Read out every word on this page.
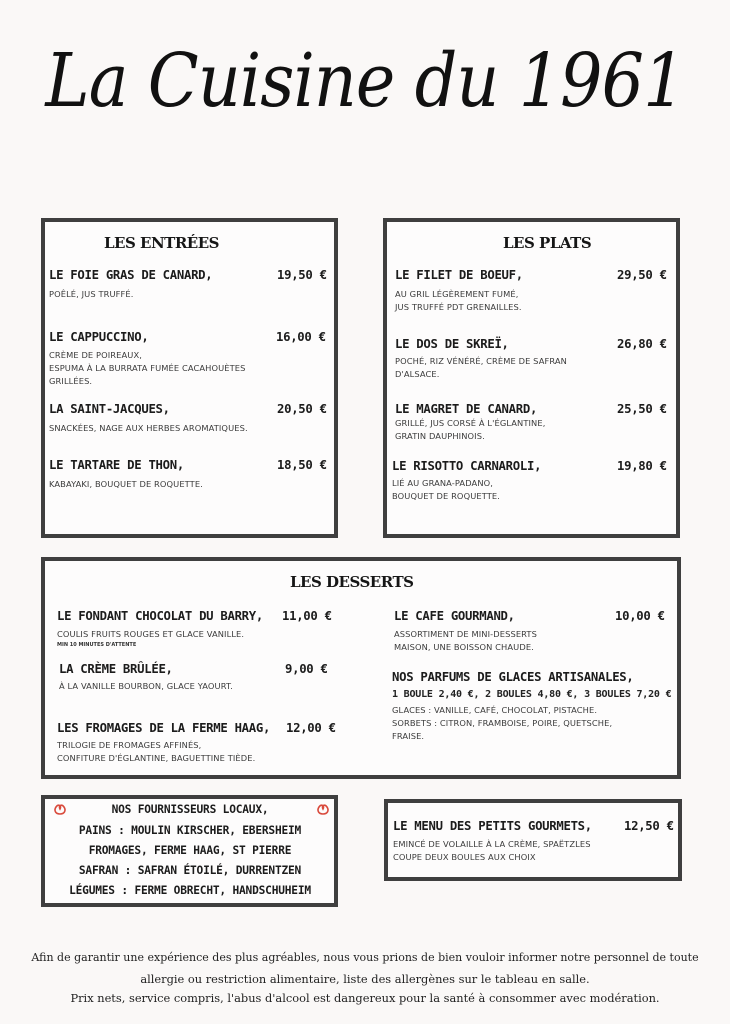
La Cuisine du 1961
LES ENTRÉES
LE FOIE GRAS DE CANARD,	19,50 €
POÊLÉ, JUS TRUFFÉ.
LE CAPPUCCINO,	16,00 €
CRÈME DE POIREAUX,
ESPUMA À LA BURRATA FUMÉE CACAHOUÈTES
GRILLÉES.
LA SAINT-JACQUES,	20,50 €
SNACKÉES, NAGE AUX HERBES AROMATIQUES.
LE TARTARE DE THON,	18,50 €
KABAYAKI, BOUQUET DE ROQUETTE.
LES PLATS
LE FILET DE BOEUF,	29,50 €
AU GRIL LÉGÈREMENT FUMÉ,
JUS TRUFFÉ PDT GRENAILLES.
LE DOS DE SKREÏ,	26,80 €
POCHÉ, RIZ VÉNÉRÉ, CRÈME DE SAFRAN
D'ALSACE.
LE MAGRET DE CANARD,	25,50 €
GRILLÉ, JUS CORSÉ À L'ÉGLANTINE,
GRATIN DAUPHINOIS.
LE RISOTTO CARNAROLI,	19,80 €
LIÉ AU GRANA-PADANO,
BOUQUET DE ROQUETTE.
LES DESSERTS
LE FONDANT CHOCOLAT DU BARRY, 11,00 €
COULIS FRUITS ROUGES ET GLACE VANILLE.
MIN 10 MINUTES D'ATTENTE
LA CRÈME BRÛLÉE,	9,00 €
À LA VANILLE BOURBON, GLACE YAOURT.
LES FROMAGES DE LA FERME HAAG, 12,00 €
TRILOGIE DE FROMAGES AFFINÉS,
CONFITURE D'ÉGLANTINE, BAGUETTINE TIÈDE.
LE CAFE GOURMAND,	10,00 €
ASSORTIMENT DE MINI-DESSERTS
MAISON, UNE BOISSON CHAUDE.
NOS PARFUMS DE GLACES ARTISANALES,
1 BOULE 2,40 €, 2 BOULES 4,80 €, 3 BOULES 7,20 €
GLACES : VANILLE, CAFÉ, CHOCOLAT, PISTACHE.
SORBETS : CITRON, FRAMBOISE, POIRE, QUETSCHE,
FRAISE.
NOS FOURNISSEURS LOCAUX,
PAINS : MOULIN KIRSCHER, EBERSHEIM
FROMAGES, FERME HAAG, ST PIERRE
SAFRAN : SAFRAN ÉTOILÉ, DURRENTZEN
LÉGUMES : FERME OBRECHT, HANDSCHUHEIM
LE MENU DES PETITS GOURMETS,	12,50 €
EMINCÉ DE VOLAILLE À LA CRÈME, SPAËTZLES
COUPE DEUX BOULES AUX CHOIX
Afin de garantir une expérience des plus agréables, nous vous prions de bien vouloir informer notre personnel de toute
allergie ou restriction alimentaire, liste des allergènes sur le tableau en salle.
Prix nets, service compris, l'abus d'alcool est dangereux pour la santé à consommer avec modération.
